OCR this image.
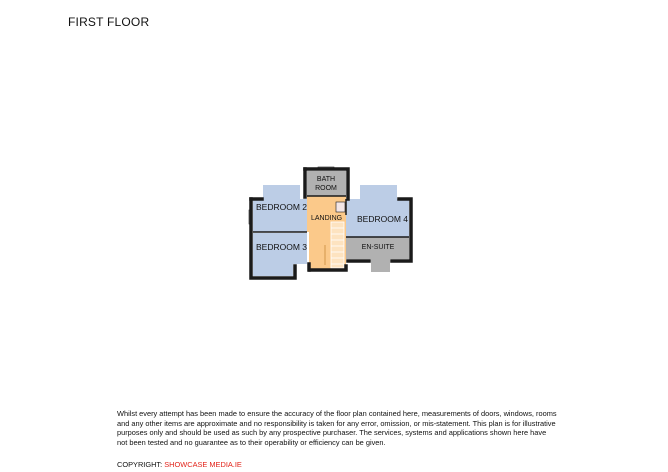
FIRST FLOOR
BATH
ROOM
BEDROOM 2
BEDROOM 3
BEDROOM 4
LANDING
EN-SUITE
Whilst every attempt has been made to ensure the accuracy of the floor plan contained here, measurements of doors, windows, rooms and any other items are approximate and no responsibility is taken for any error, omission, or mis-statement. This plan is for illustrative purposes only and should be used as such by any prospective purchaser. The services, systems and applications shown here have not been tested and no guarantee as to their operability or efficiency can be given.
COPYRIGHT: SHOWCASE MEDIA.IE
